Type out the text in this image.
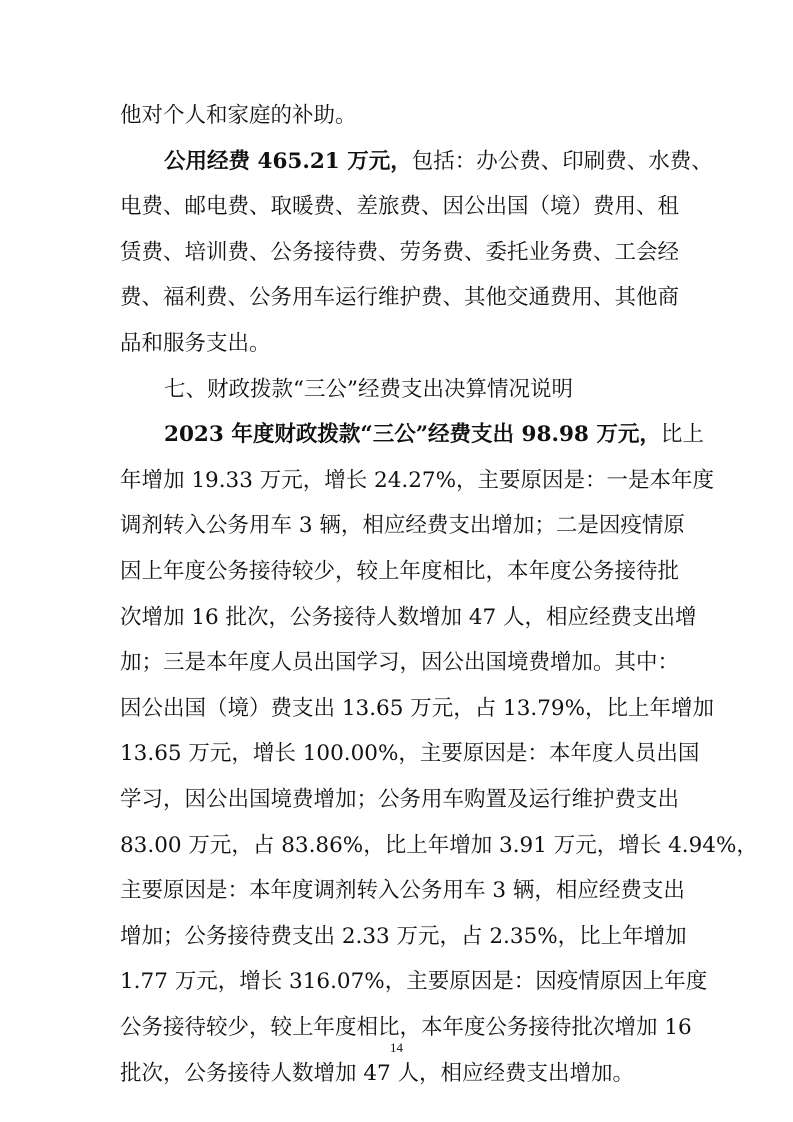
他对个人和家庭的补助。
公用经费 465.21 万元，包括：办公费、印刷费、水费、
电费、邮电费、取暖费、差旅费、因公出国（境）费用、租
赁费、培训费、公务接待费、劳务费、委托业务费、工会经
费、福利费、公务用车运行维护费、其他交通费用、其他商
品和服务支出。
七、财政拨款“三公”经费支出决算情况说明
2023 年度财政拨款“三公”经费支出 98.98 万元，比上
年增加 19.33 万元，增长 24.27%，主要原因是：一是本年度
调剂转入公务用车 3 辆，相应经费支出增加；二是因疫情原
因上年度公务接待较少，较上年度相比，本年度公务接待批
次增加 16 批次，公务接待人数增加 47 人，相应经费支出增
加；三是本年度人员出国学习，因公出国境费增加。其中：
因公出国（境）费支出 13.65 万元，占 13.79%，比上年增加
13.65 万元，增长 100.00%，主要原因是：本年度人员出国
学习，因公出国境费增加；公务用车购置及运行维护费支出
83.00 万元，占 83.86%，比上年增加 3.91 万元，增长 4.94%，
主要原因是：本年度调剂转入公务用车 3 辆，相应经费支出
增加；公务接待费支出 2.33 万元，占 2.35%，比上年增加
1.77 万元，增长 316.07%，主要原因是：因疫情原因上年度
公务接待较少，较上年度相比，本年度公务接待批次增加 16
批次，公务接待人数增加 47 人，相应经费支出增加。
14
